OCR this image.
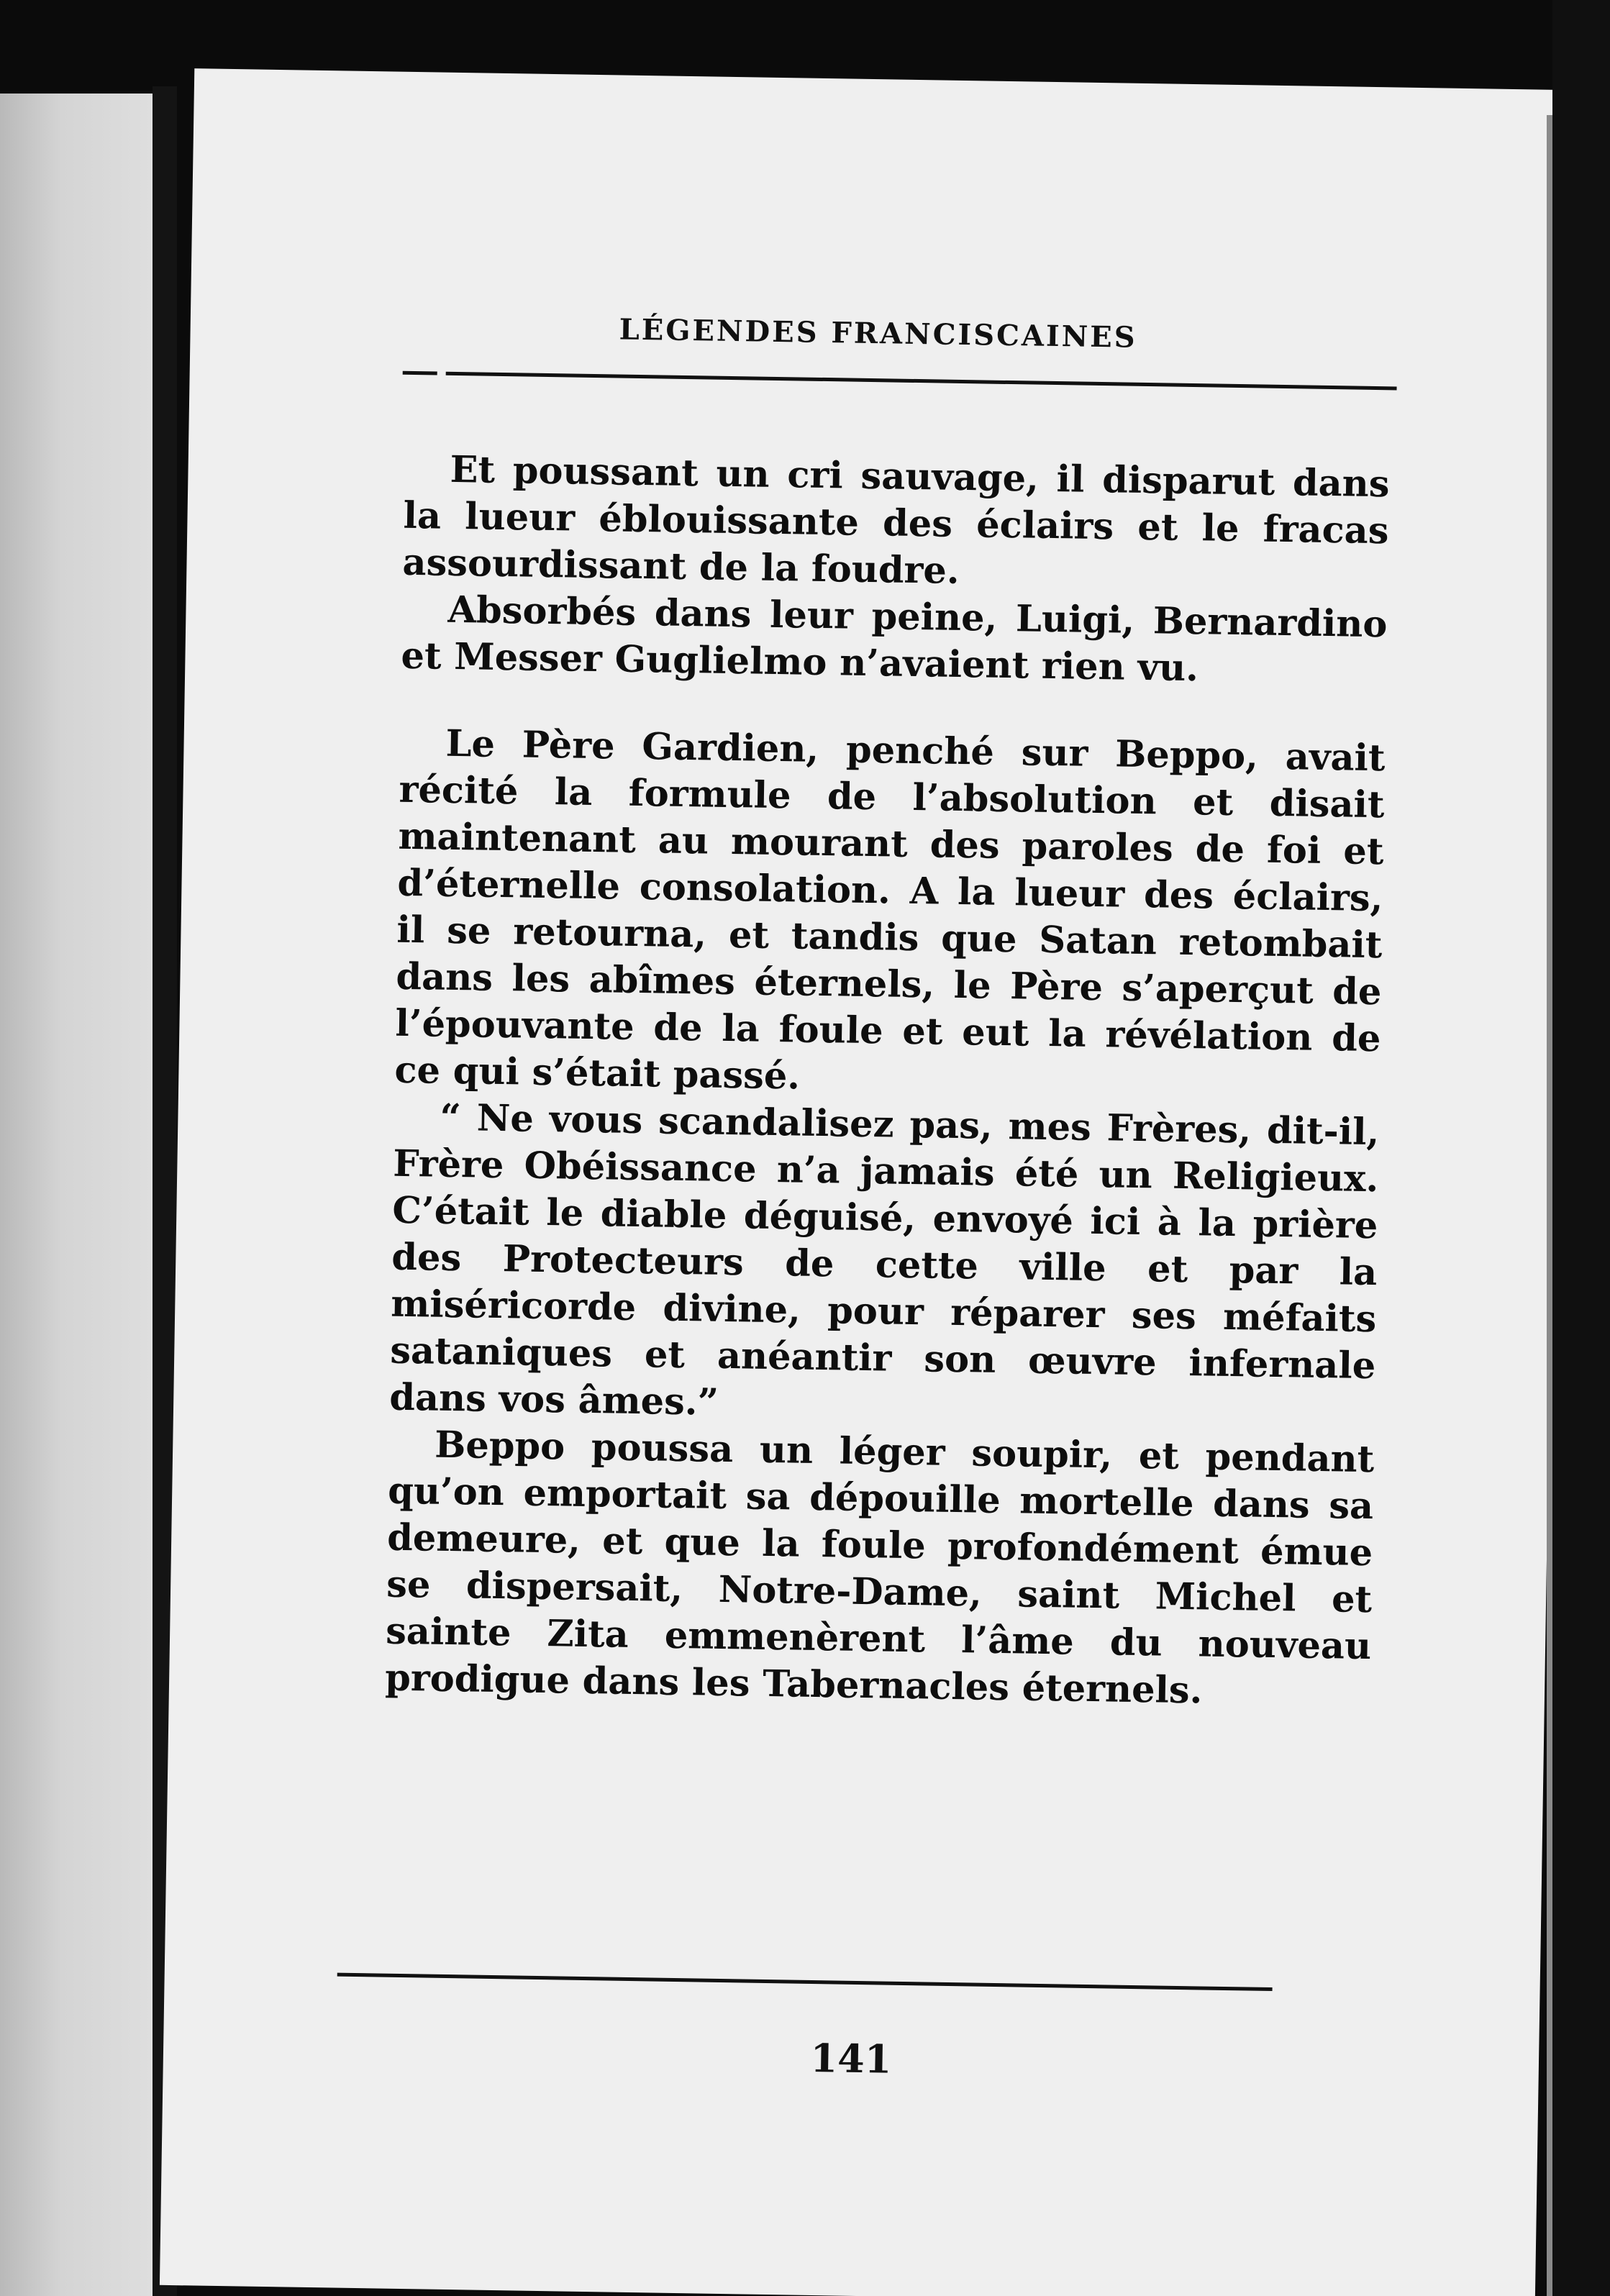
LÉGENDES FRANCISCAINES

Et poussant un cri sauvage, il disparut dans la lueur éblouissante des éclairs et le fracas assourdissant de la foudre.

Absorbés dans leur peine, Luigi, Bernardino et Messer Guglielmo n’avaient rien vu.

Le Père Gardien, penché sur Beppo, avait récité la formule de l’absolution et disait maintenant au mourant des paroles de foi et d’éternelle consolation. A la lueur des éclairs, il se retourna, et tandis que Satan retombait dans les abîmes éternels, le Père s’aperçut de l’épouvante de la foule et eut la révélation de ce qui s’était passé.

“ Ne vous scandalisez pas, mes Frères, dit-il, Frère Obéissance n’a jamais été un Religieux. C’était le diable déguisé, envoyé ici à la prière des Protecteurs de cette ville et par la miséricorde divine, pour réparer ses méfaits sataniques et anéantir son œuvre infernale dans vos âmes.”

Beppo poussa un léger soupir, et pendant qu’on emportait sa dépouille mortelle dans sa demeure, et que la foule profondément émue se dispersait, Notre-Dame, saint Michel et sainte Zita emmenèrent l’âme du nouveau prodigue dans les Tabernacles éternels.

141
